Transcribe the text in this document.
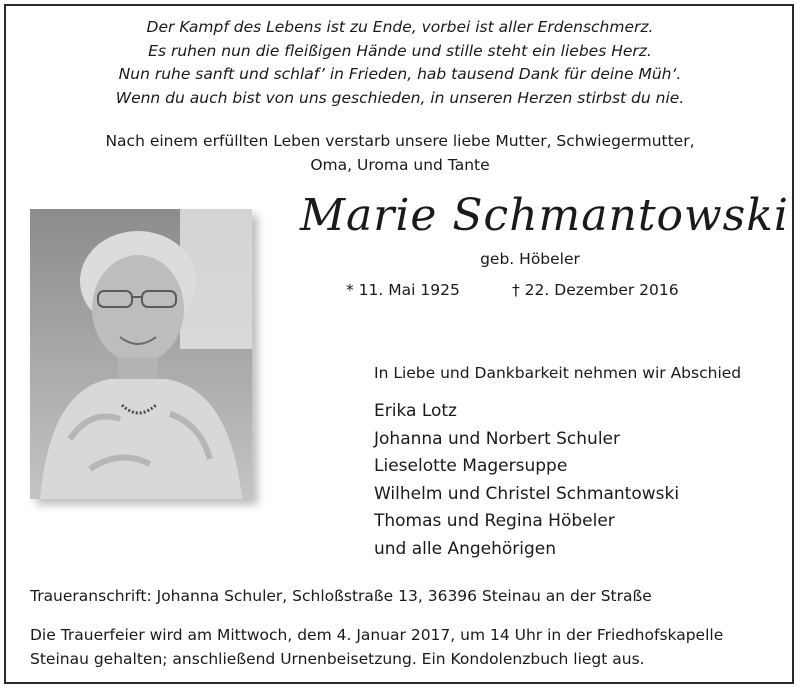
Der Kampf des Lebens ist zu Ende, vorbei ist aller Erdenschmerz.
Es ruhen nun die fleißigen Hände und stille steht ein liebes Herz.
Nun ruhe sanft und schlaf’ in Frieden, hab tausend Dank für deine Müh‘.
Wenn du auch bist von uns geschieden, in unseren Herzen stirbst du nie.
Nach einem erfüllten Leben verstarb unsere liebe Mutter, Schwiegermutter,
Oma, Uroma und Tante
Marie Schmantowski
geb. Höbeler
* 11. Mai 1925	† 22. Dezember 2016
In Liebe und Dankbarkeit nehmen wir Abschied
Erika Lotz
Johanna und Norbert Schuler
Lieselotte Magersuppe
Wilhelm und Christel Schmantowski
Thomas und Regina Höbeler
und alle Angehörigen
Traueranschrift: Johanna Schuler, Schloßstraße 13, 36396 Steinau an der Straße
Die Trauerfeier wird am Mittwoch, dem 4. Januar 2017, um 14 Uhr in der Friedhofskapelle
Steinau gehalten; anschließend Urnenbeisetzung. Ein Kondolenzbuch liegt aus.
